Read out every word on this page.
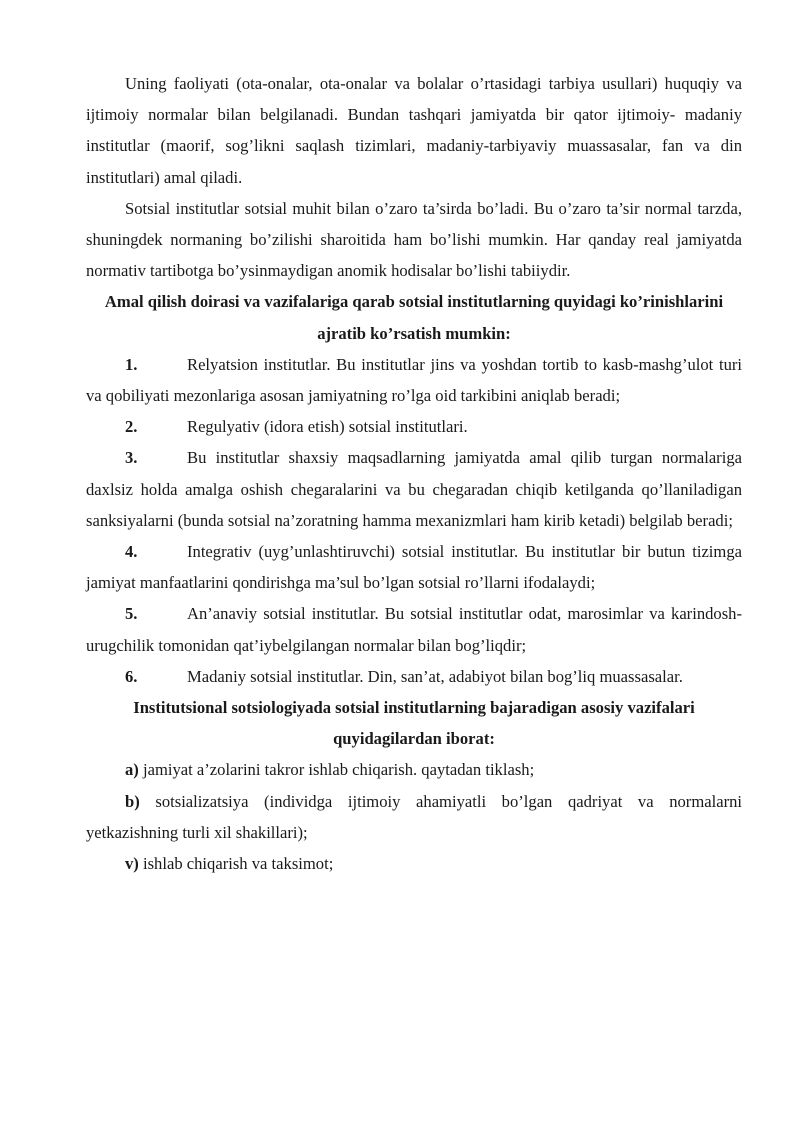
Uning faoliyati (ota-onalar, ota-onalar va bolalar o’rtasidagi tarbiya usullari) huquqiy va ijtimoiy normalar bilan belgilanadi. Bundan tashqari jamiyatda bir qator ijtimoiy- madaniy institutlar (maorif, sog’likni saqlash tizimlari, madaniy-tarbiyaviy muassasalar, fan va din institutlari) amal qiladi.

Sotsial institutlar sotsial muhit bilan o’zaro ta’sirda bo’ladi. Bu o’zaro ta’sir normal tarzda, shuningdek normaning bo’zilishi sharoitida ham bo’lishi mumkin. Har qanday real jamiyatda normativ tartibotga bo’ysinmaydigan anomik hodisalar bo’lishi tabiiydir.

Amal qilish doirasi va vazifalariga qarab sotsial institutlarning quyidagi ko’rinishlarini ajratib ko’rsatish mumkin:

1.	Relyatsion institutlar. Bu institutlar jins va yoshdan tortib to kasb-mashg’ulot turi va qobiliyati mezonlariga asosan jamiyatning ro’lga oid tarkibini aniqlab beradi;

2.	Regulyativ (idora etish) sotsial institutlari.

3.	Bu institutlar shaxsiy maqsadlarning jamiyatda amal qilib turgan normalariga daxlsiz holda amalga oshish chegaralarini va bu chegaradan chiqib ketilganda qo’llaniladigan sanksiyalarni (bunda sotsial na’zoratning hamma mexanizmlari ham kirib ketadi) belgilab beradi;

4.	Integrativ (uyg’unlashtiruvchi) sotsial institutlar. Bu institutlar bir butun tizimga jamiyat manfaatlarini qondirishga ma’sul bo’lgan sotsial ro’llarni ifodalaydi;

5.	An’anaviy sotsial institutlar. Bu sotsial institutlar odat, marosimlar va karindosh-urugchilik tomonidan qat’iybelgilangan normalar bilan bog’liqdir;

6.	Madaniy sotsial institutlar. Din, san’at, adabiyot bilan bog’liq muassasalar.

Institutsional sotsiologiyada sotsial institutlarning bajaradigan asosiy vazifalari quyidagilardan iborat:

a) jamiyat a’zolarini takror ishlab chiqarish. qaytadan tiklash;

b) sotsializatsiya (individga ijtimoiy ahamiyatli bo’lgan qadriyat va normalarni yetkazishning turli xil shakillari);

v) ishlab chiqarish va taksimot;
